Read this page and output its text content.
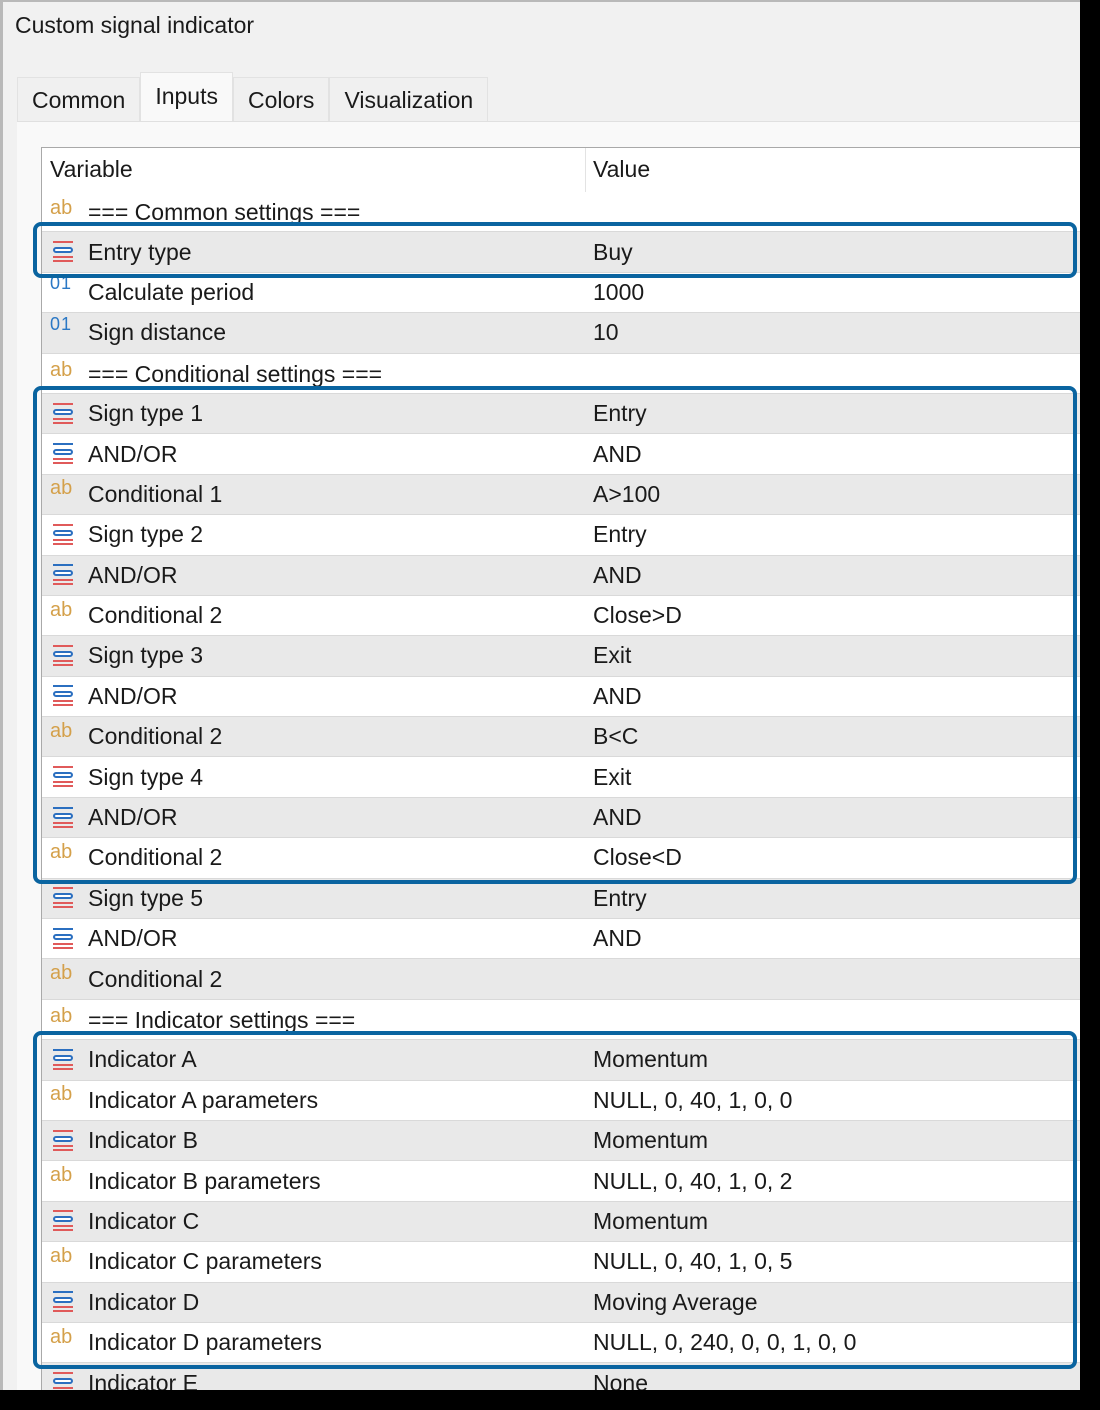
Custom signal indicator
Common	Inputs	Colors	Visualization
Variable	Value
ab === Common settings ===
Entry type	Buy
01 Calculate period	1000
01 Sign distance	10
ab === Conditional settings ===
Sign type 1	Entry
AND/OR	AND
ab Conditional 1	A>100
Sign type 2	Entry
AND/OR	AND
ab Conditional 2	Close>D
Sign type 3	Exit
AND/OR	AND
ab Conditional 2	B<C
Sign type 4	Exit
AND/OR	AND
ab Conditional 2	Close<D
Sign type 5	Entry
AND/OR	AND
ab Conditional 2
ab === Indicator settings ===
Indicator A	Momentum
ab Indicator A parameters	NULL, 0, 40, 1, 0, 0
Indicator B	Momentum
ab Indicator B parameters	NULL, 0, 40, 1, 0, 2
Indicator C	Momentum
ab Indicator C parameters	NULL, 0, 40, 1, 0, 5
Indicator D	Moving Average
ab Indicator D parameters	NULL, 0, 240, 0, 0, 1, 0, 0
Indicator E	None
